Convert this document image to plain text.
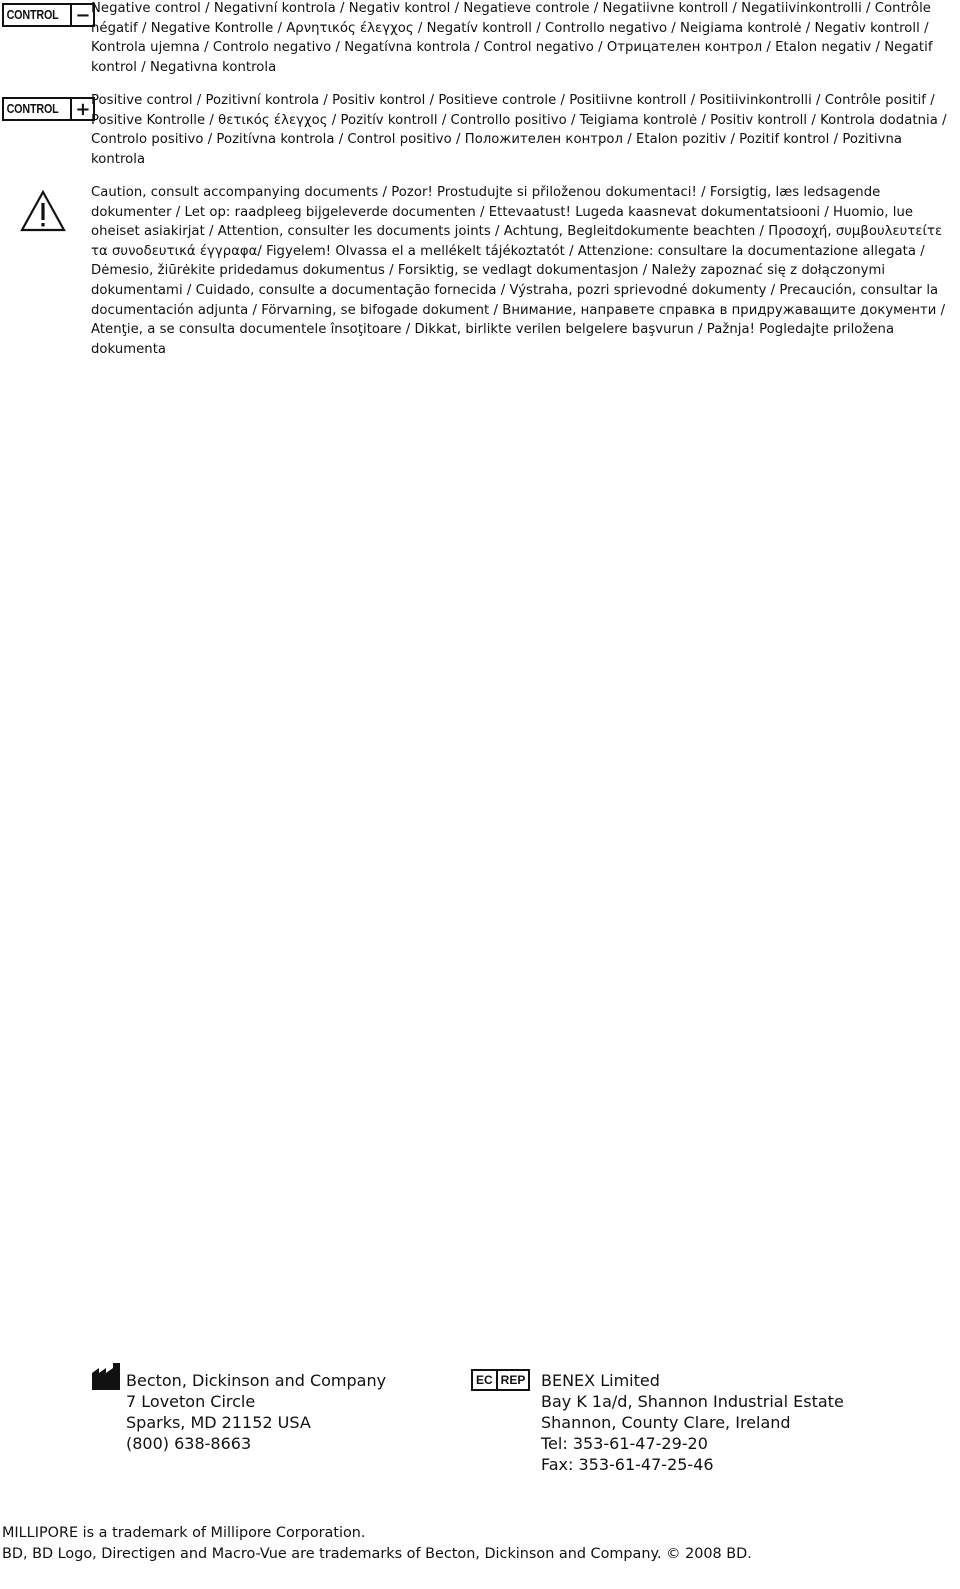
CONTROL − Negative control / Negativní kontrola / Negativ kontrol / Negatieve controle / Negatiivne kontroll / Negatiivinkontrolli / Contrôle négatif / Negative Kontrolle / Αρνητικός έλεγχος / Negatív kontroll / Controllo negativo / Neigiama kontrolė / Negativ kontroll / Kontrola ujemna / Controlo negativo / Negatívna kontrola / Control negativo / Отрицателен контрол / Etalon negativ / Negatif kontrol / Negativna kontrola
CONTROL + Positive control / Pozitivní kontrola / Positiv kontrol / Positieve controle / Positiivne kontroll / Positiivinkontrolli / Contrôle positif / Positive Kontrolle / θετικός έλεγχος / Pozitív kontroll / Controllo positivo / Teigiama kontrolė / Positiv kontroll / Kontrola dodatnia / Controlo positivo / Pozitívna kontrola / Control positivo / Положителен контрол / Etalon pozitiv / Pozitif kontrol / Pozitivna kontrola
Caution, consult accompanying documents / Pozor! Prostudujte si přiloženou dokumentaci! / Forsigtig, læs ledsagende dokumenter / Let op: raadpleeg bijgeleverde documenten / Ettevaatust! Lugeda kaasnevat dokumentatsiooni / Huomio, lue oheiset asiakirjat / Attention, consulter les documents joints / Achtung, Begleitdokumente beachten / Προσοχή, συμβουλευτείτε τα συνοδευτικά έγγραφα/ Figyelem! Olvassa el a mellékelt tájékoztatót / Attenzione: consultare la documentazione allegata / Dėmesio, žiūrėkite pridedamus dokumentus / Forsiktig, se vedlagt dokumentasjon / Należy zapoznać się z dołączonymi dokumentami / Cuidado, consulte a documentação fornecida / Výstraha, pozri sprievodné dokumenty / Precaución, consultar la documentación adjunta / Förvarning, se bifogade dokument / Внимание, направете справка в придружаващите документи / Atenţie, a se consulta documentele însoţitoare / Dikkat, birlikte verilen belgelere başvurun / Pažnja! Pogledajte priložena dokumenta
Becton, Dickinson and Company
7 Loveton Circle
Sparks, MD 21152 USA
(800) 638-8663
EC REP BENEX Limited
Bay K 1a/d, Shannon Industrial Estate
Shannon, County Clare, Ireland
Tel: 353-61-47-29-20
Fax: 353-61-47-25-46
MILLIPORE is a trademark of Millipore Corporation.
BD, BD Logo, Directigen and Macro-Vue are trademarks of Becton, Dickinson and Company. © 2008 BD.
